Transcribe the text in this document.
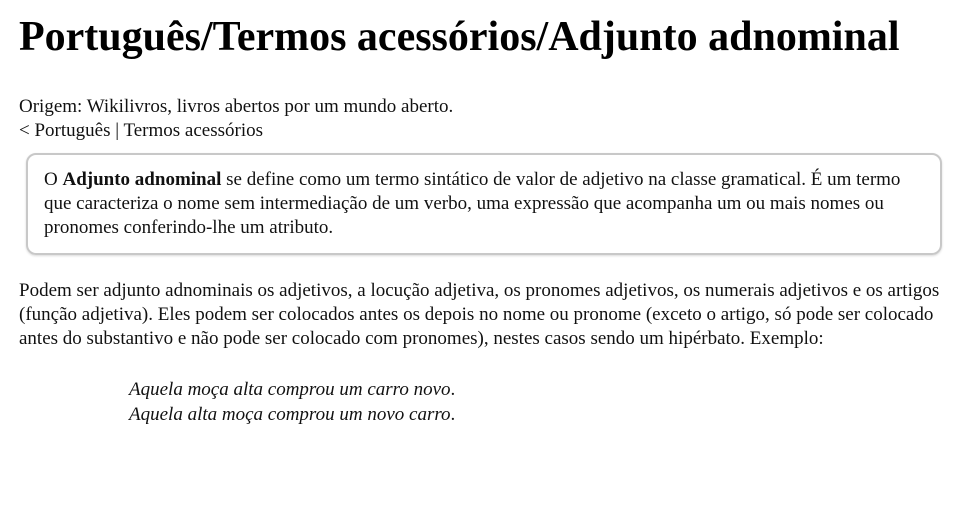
Português/Termos acessórios/Adjunto adnominal
Origem: Wikilivros, livros abertos por um mundo aberto.
< Português | Termos acessórios
O Adjunto adnominal se define como um termo sintático de valor de adjetivo na classe gramatical. É um termo que caracteriza o nome sem intermediação de um verbo, uma expressão que acompanha um ou mais nomes ou pronomes conferindo-lhe um atributo.
Podem ser adjunto adnominais os adjetivos, a locução adjetiva, os pronomes adjetivos, os numerais adjetivos e os artigos (função adjetiva). Eles podem ser colocados antes os depois no nome ou pronome (exceto o artigo, só pode ser colocado antes do substantivo e não pode ser colocado com pronomes), nestes casos sendo um hipérbato. Exemplo:
Aquela moça alta comprou um carro novo.
Aquela alta moça comprou um novo carro.
